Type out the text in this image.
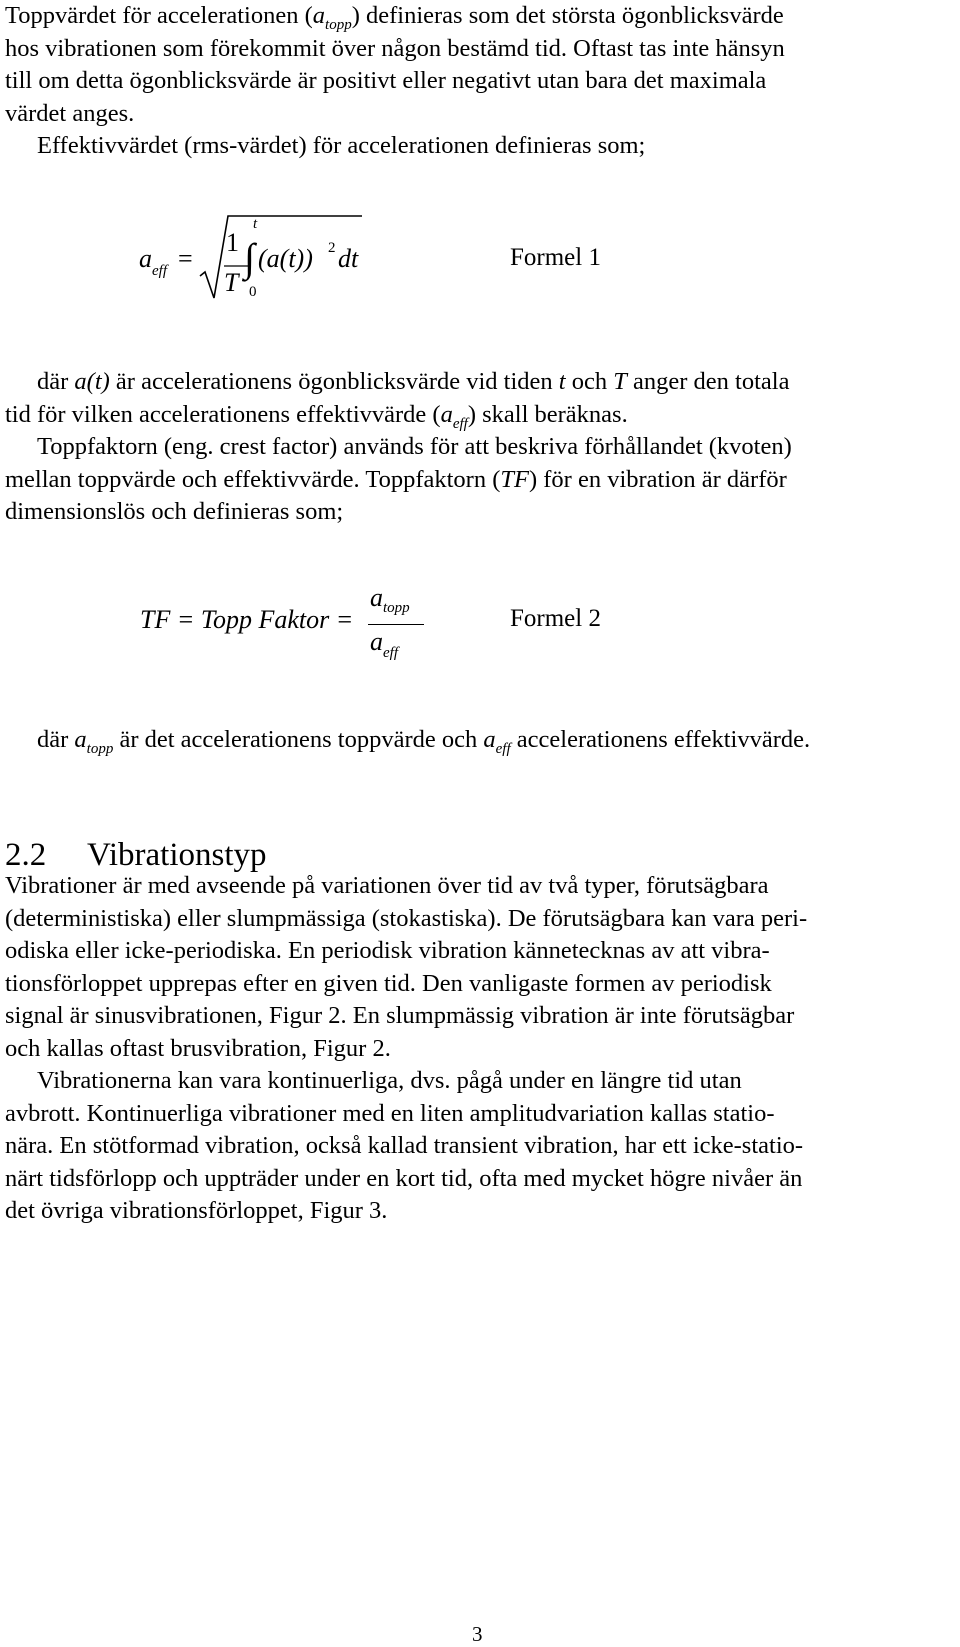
Toppvärdet för accelerationen $(a_{topp})$ definieras som det största ögonblicksvärde
hos vibrationen som förekommit över någon bestämd tid. Oftast tas inte hänsyn
till om detta ögonblicksvärde är positivt eller negativt utan bara det maximala
värdet anges.
Effektivvärdet (rms-värdet) för accelerationen definieras som;
a eff =
1
T
t
∫
0
(a(t)) 2 dt	Formel 1
där a(t) är accelerationens ögonblicksvärde vid tiden t och T anger den totala
tid för vilken accelerationens effektivvärde $(a_{eff})$ skall beräknas.
Toppfaktorn (eng. crest factor) används för att beskriva förhållandet (kvoten)
mellan toppvärde och effektivvärde. Toppfaktorn (TF) för en vibration är därför
dimensionslös och definieras som;
TF = Topp Faktor =
a topp
a eff
Formel 2
där $a_{topp}$ är det accelerationens toppvärde och $a_{eff}$ accelerationens effektivvärde.
2.2 Vibrationstyp
Vibrationer är med avseende på variationen över tid av två typer, förutsägbara
(deterministiska) eller slumpmässiga (stokastiska). De förutsägbara kan vara peri-
odiska eller icke-periodiska. En periodisk vibration kännetecknas av att vibra-
tionsförloppet upprepas efter en given tid. Den vanligaste formen av periodisk
signal är sinusvibrationen, Figur 2. En slumpmässig vibration är inte förutsägbar
och kallas oftast brusvibration, Figur 2.
Vibrationerna kan vara kontinuerliga, dvs. pågå under en längre tid utan
avbrott. Kontinuerliga vibrationer med en liten amplitudvariation kallas statio-
nära. En stötformad vibration, också kallad transient vibration, har ett icke-statio-
närt tidsförlopp och uppträder under en kort tid, ofta med mycket högre nivåer än
det övriga vibrationsförloppet, Figur 3.
3
